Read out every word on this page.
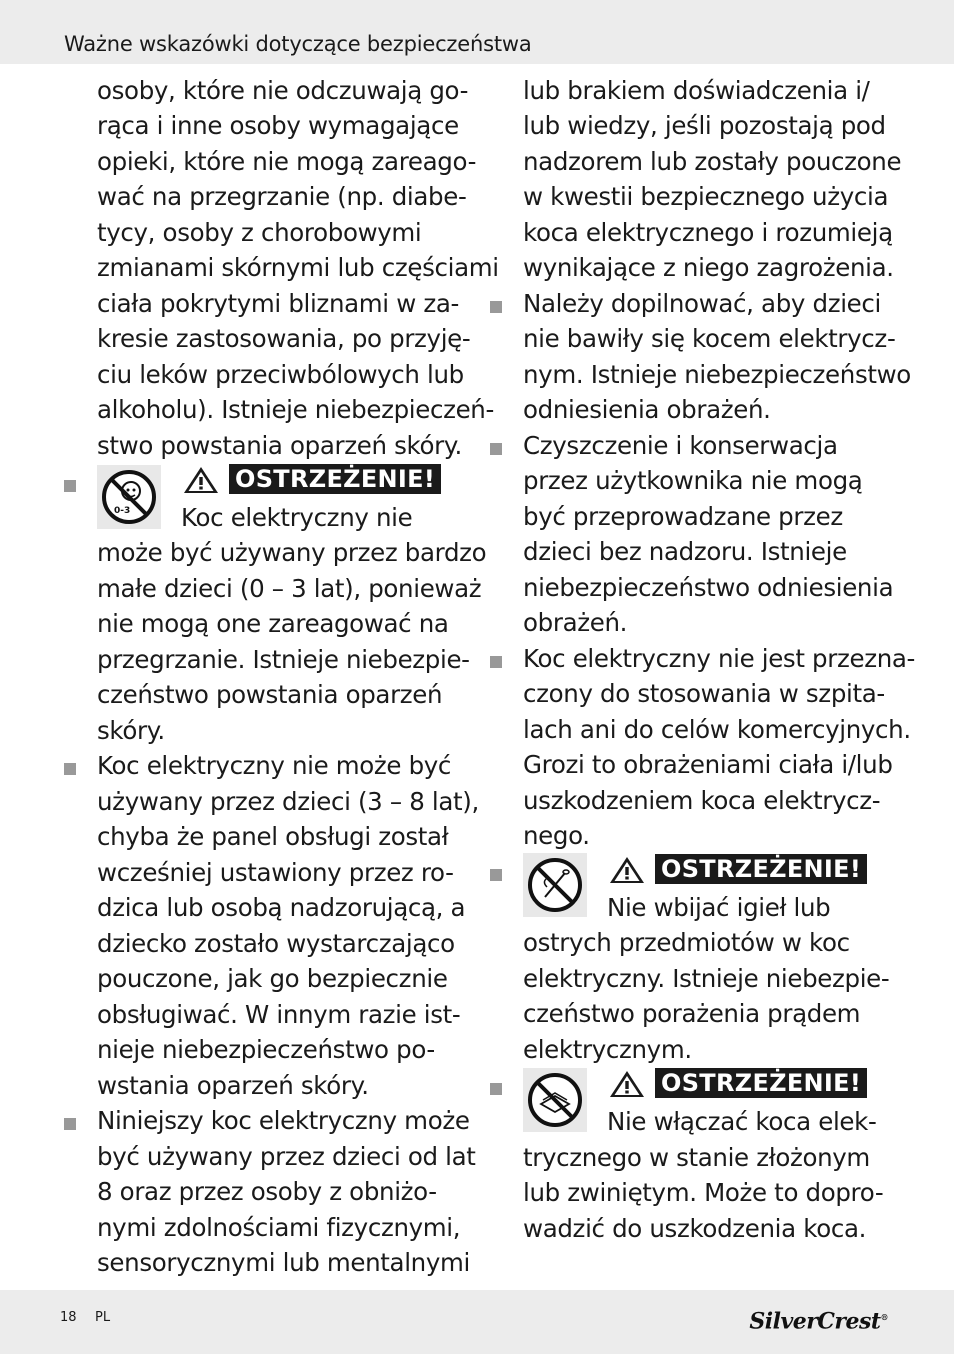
Ważne wskazówki dotyczące bezpieczeństwa
osoby, które nie odczuwają go-
rąca i inne osoby wymagające
opieki, które nie mogą zareago-
wać na przegrzanie (np. diabe-
tycy, osoby z chorobowymi
zmianami skórnymi lub częściami
ciała pokrytymi bliznami w za-
kresie zastosowania, po przyję-
ciu leków przeciwbólowych lub
alkoholu). Istnieje niebezpieczeń-
stwo powstania oparzeń skóry.
0-3
OSTRZEŻENIE!
Koc elektryczny nie
może być używany przez bardzo
małe dzieci (0 – 3 lat), ponieważ
nie mogą one zareagować na
przegrzanie. Istnieje niebezpie-
czeństwo powstania oparzeń
skóry.
Koc elektryczny nie może być
używany przez dzieci (3 – 8 lat),
chyba że panel obsługi został
wcześniej ustawiony przez ro-
dzica lub osobą nadzorującą, a
dziecko zostało wystarczająco
pouczone, jak go bezpiecznie
obsługiwać. W innym razie ist-
nieje niebezpieczeństwo po-
wstania oparzeń skóry.
Niniejszy koc elektryczny może
być używany przez dzieci od lat
8 oraz przez osoby z obniżo-
nymi zdolnościami fizycznymi,
sensorycznymi lub mentalnymi
lub brakiem doświadczenia i/
lub wiedzy, jeśli pozostają pod
nadzorem lub zostały pouczone
w kwestii bezpiecznego użycia
koca elektrycznego i rozumieją
wynikające z niego zagrożenia.
Należy dopilnować, aby dzieci
nie bawiły się kocem elektrycz-
nym. Istnieje niebezpieczeństwo
odniesienia obrażeń.
Czyszczenie i konserwacja
przez użytkownika nie mogą
być przeprowadzane przez
dzieci bez nadzoru. Istnieje
niebezpieczeństwo odniesienia
obrażeń.
Koc elektryczny nie jest przezna-
czony do stosowania w szpita-
lach ani do celów komercyjnych.
Grozi to obrażeniami ciała i/lub
uszkodzeniem koca elektrycz-
nego.
OSTRZEŻENIE!
Nie wbijać igieł lub
ostrych przedmiotów w koc
elektryczny. Istnieje niebezpie-
czeństwo porażenia prądem
elektrycznym.
OSTRZEŻENIE!
Nie włączać koca elek-
trycznego w stanie złożonym
lub zwiniętym. Może to dopro-
wadzić do uszkodzenia koca.
18 PL	SilverCrest®
